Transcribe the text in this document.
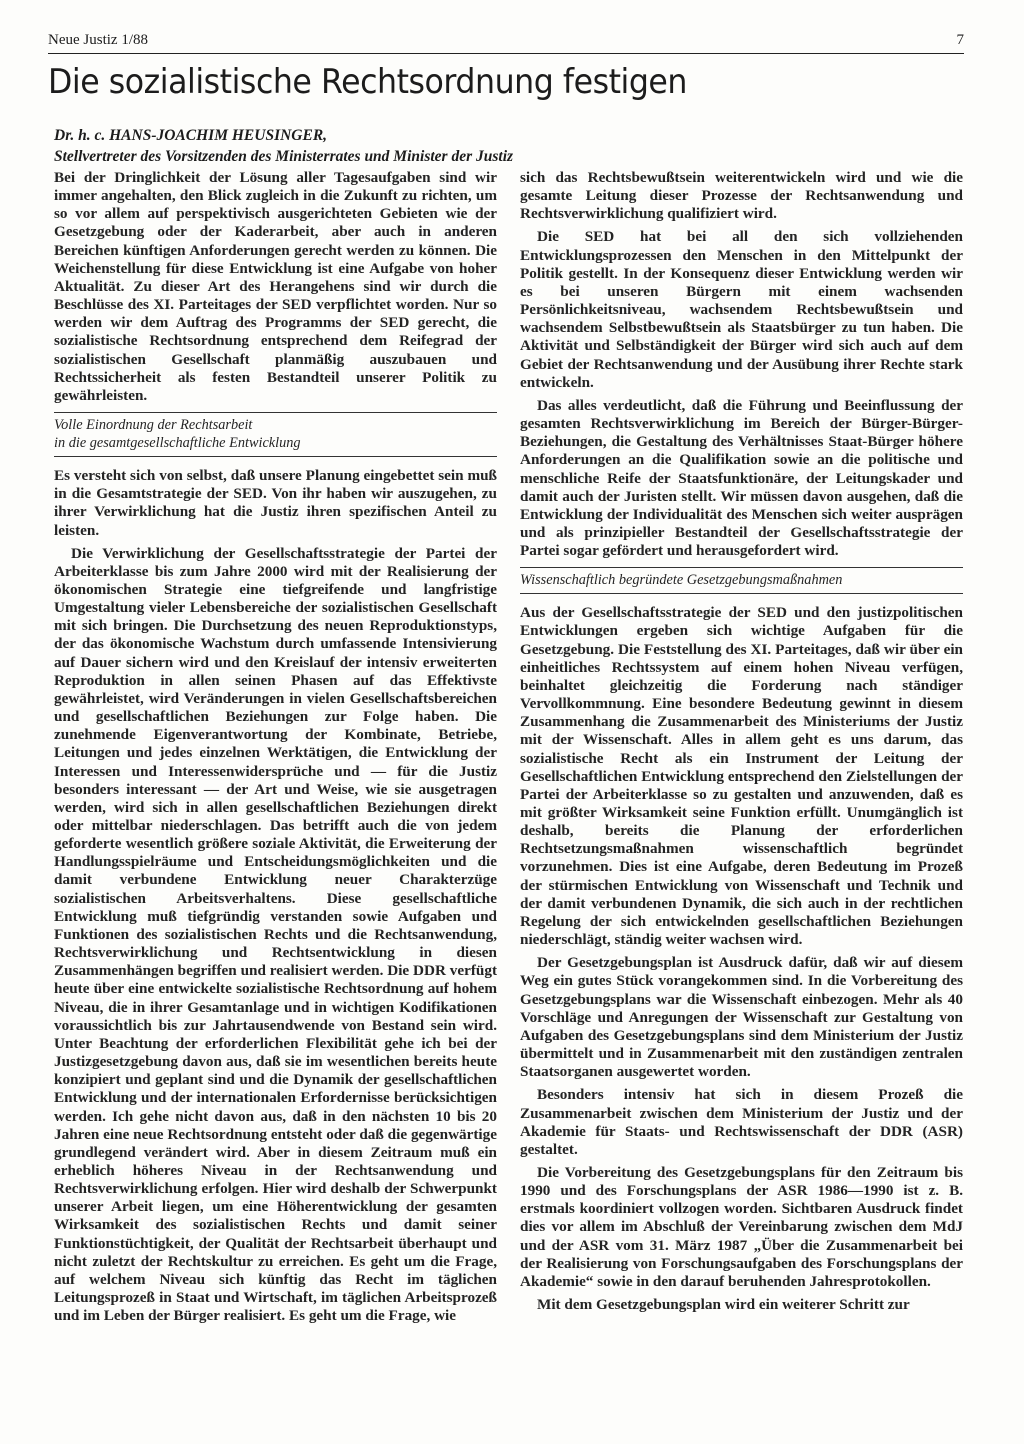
Neue Justiz 1/88	7
Die sozialistische Rechtsordnung festigen
Dr. h. c. HANS-JOACHIM HEUSINGER,
Stellvertreter des Vorsitzenden des Ministerrates und Minister der Justiz

Bei der Dringlichkeit der Lösung aller Tagesaufgaben sind wir immer angehalten, den Blick zugleich in die Zukunft zu richten, um so vor allem auf perspektivisch ausgerichteten Gebieten wie der Gesetzgebung oder der Kaderarbeit, aber auch in anderen Bereichen künftigen Anforderungen gerecht werden zu können. Die Weichenstellung für diese Entwicklung ist eine Aufgabe von hoher Aktualität. Zu dieser Art des Herangehens sind wir durch die Beschlüsse des XI. Parteitages der SED verpflichtet worden. Nur so werden wir dem Auftrag des Programms der SED gerecht, die sozialistische Rechtsordnung entsprechend dem Reifegrad der sozialistischen Gesellschaft planmäßig auszubauen und Rechtssicherheit als festen Bestandteil unserer Politik zu gewährleisten.

Volle Einordnung der Rechtsarbeit
in die gesamtgesellschaftliche Entwicklung

Es versteht sich von selbst, daß unsere Planung eingebettet sein muß in die Gesamtstrategie der SED. Von ihr haben wir auszugehen, zu ihrer Verwirklichung hat die Justiz ihren spezifischen Anteil zu leisten.

Die Verwirklichung der Gesellschaftsstrategie der Partei der Arbeiterklasse bis zum Jahre 2000 wird mit der Realisierung der ökonomischen Strategie eine tiefgreifende und langfristige Umgestaltung vieler Lebensbereiche der sozialistischen Gesellschaft mit sich bringen. Die Durchsetzung des neuen Reproduktionstyps, der das ökonomische Wachstum durch umfassende Intensivierung auf Dauer sichern wird und den Kreislauf der intensiv erweiterten Reproduktion in allen seinen Phasen auf das Effektivste gewährleistet, wird Veränderungen in vielen Gesellschaftsbereichen und gesellschaftlichen Beziehungen zur Folge haben. Die zunehmende Eigenverantwortung der Kombinate, Betriebe, Leitungen und jedes einzelnen Werktätigen, die Entwicklung der Interessen und Interessenwidersprüche und — für die Justiz besonders interessant — der Art und Weise, wie sie ausgetragen werden, wird sich in allen gesellschaftlichen Beziehungen direkt oder mittelbar niederschlagen. Das betrifft auch die von jedem geforderte wesentlich größere soziale Aktivität, die Erweiterung der Handlungsspielräume und Entscheidungsmöglichkeiten und die damit verbundene Entwicklung neuer Charakterzüge sozialistischen Arbeitsverhaltens. Diese gesellschaftliche Entwicklung muß tiefgründig verstanden sowie Aufgaben und Funktionen des sozialistischen Rechts und die Rechtsanwendung, Rechtsverwirklichung und Rechtsentwicklung in diesen Zusammenhängen begriffen und realisiert werden. Die DDR verfügt heute über eine entwickelte sozialistische Rechtsordnung auf hohem Niveau, die in ihrer Gesamtanlage und in wichtigen Kodifikationen voraussichtlich bis zur Jahrtausendwende von Bestand sein wird. Unter Beachtung der erforderlichen Flexibilität gehe ich bei der Justizgesetzgebung davon aus, daß sie im wesentlichen bereits heute konzipiert und geplant sind und die Dynamik der gesellschaftlichen Entwicklung und der internationalen Erfordernisse berücksichtigen werden. Ich gehe nicht davon aus, daß in den nächsten 10 bis 20 Jahren eine neue Rechtsordnung entsteht oder daß die gegenwärtige grundlegend verändert wird. Aber in diesem Zeitraum muß ein erheblich höheres Niveau in der Rechtsanwendung und Rechtsverwirklichung erfolgen. Hier wird deshalb der Schwerpunkt unserer Arbeit liegen, um eine Höherentwicklung der gesamten Wirksamkeit des sozialistischen Rechts und damit seiner Funktionstüchtigkeit, der Qualität der Rechtsarbeit überhaupt und nicht zuletzt der Rechtskultur zu erreichen. Es geht um die Frage, auf welchem Niveau sich künftig das Recht im täglichen Leitungsprozeß in Staat und Wirtschaft, im täglichen Arbeitsprozeß und im Leben der Bürger realisiert. Es geht um die Frage, wie

sich das Rechtsbewußtsein weiterentwickeln wird und wie die gesamte Leitung dieser Prozesse der Rechtsanwendung und Rechtsverwirklichung qualifiziert wird.

Die SED hat bei all den sich vollziehenden Entwicklungsprozessen den Menschen in den Mittelpunkt der Politik gestellt. In der Konsequenz dieser Entwicklung werden wir es bei unseren Bürgern mit einem wachsenden Persönlichkeitsniveau, wachsendem Rechtsbewußtsein und wachsendem Selbstbewußtsein als Staatsbürger zu tun haben. Die Aktivität und Selbständigkeit der Bürger wird sich auch auf dem Gebiet der Rechtsanwendung und der Ausübung ihrer Rechte stark entwickeln.

Das alles verdeutlicht, daß die Führung und Beeinflussung der gesamten Rechtsverwirklichung im Bereich der Bürger-Bürger-Beziehungen, die Gestaltung des Verhältnisses Staat-Bürger höhere Anforderungen an die Qualifikation sowie an die politische und menschliche Reife der Staatsfunktionäre, der Leitungskader und damit auch der Juristen stellt. Wir müssen davon ausgehen, daß die Entwicklung der Individualität des Menschen sich weiter ausprägen und als prinzipieller Bestandteil der Gesellschaftsstrategie der Partei sogar gefördert und herausgefordert wird.

Wissenschaftlich begründete Gesetzgebungsmaßnahmen

Aus der Gesellschaftsstrategie der SED und den justizpolitischen Entwicklungen ergeben sich wichtige Aufgaben für die Gesetzgebung. Die Feststellung des XI. Parteitages, daß wir über ein einheitliches Rechtssystem auf einem hohen Niveau verfügen, beinhaltet gleichzeitig die Forderung nach ständiger Vervollkommnung. Eine besondere Bedeutung gewinnt in diesem Zusammenhang die Zusammenarbeit des Ministeriums der Justiz mit der Wissenschaft. Alles in allem geht es uns darum, das sozialistische Recht als ein Instrument der Leitung der Gesellschaftlichen Entwicklung entsprechend den Zielstellungen der Partei der Arbeiterklasse so zu gestalten und anzuwenden, daß es mit größter Wirksamkeit seine Funktion erfüllt. Unumgänglich ist deshalb, bereits die Planung der erforderlichen Rechtsetzungsmaßnahmen wissenschaftlich begründet vorzunehmen. Dies ist eine Aufgabe, deren Bedeutung im Prozeß der stürmischen Entwicklung von Wissenschaft und Technik und der damit verbundenen Dynamik, die sich auch in der rechtlichen Regelung der sich entwickelnden gesellschaftlichen Beziehungen niederschlägt, ständig weiter wachsen wird.

Der Gesetzgebungsplan ist Ausdruck dafür, daß wir auf diesem Weg ein gutes Stück vorangekommen sind. In die Vorbereitung des Gesetzgebungsplans war die Wissenschaft einbezogen. Mehr als 40 Vorschläge und Anregungen der Wissenschaft zur Gestaltung von Aufgaben des Gesetzgebungsplans sind dem Ministerium der Justiz übermittelt und in Zusammenarbeit mit den zuständigen zentralen Staatsorganen ausgewertet worden.

Besonders intensiv hat sich in diesem Prozeß die Zusammenarbeit zwischen dem Ministerium der Justiz und der Akademie für Staats- und Rechtswissenschaft der DDR (ASR) gestaltet.

Die Vorbereitung des Gesetzgebungsplans für den Zeitraum bis 1990 und des Forschungsplans der ASR 1986—1990 ist z. B. erstmals koordiniert vollzogen worden. Sichtbaren Ausdruck findet dies vor allem im Abschluß der Vereinbarung zwischen dem MdJ und der ASR vom 31. März 1987 „Über die Zusammenarbeit bei der Realisierung von Forschungsaufgaben des Forschungsplans der Akademie“ sowie in den darauf beruhenden Jahresprotokollen.

Mit dem Gesetzgebungsplan wird ein weiterer Schritt zur
